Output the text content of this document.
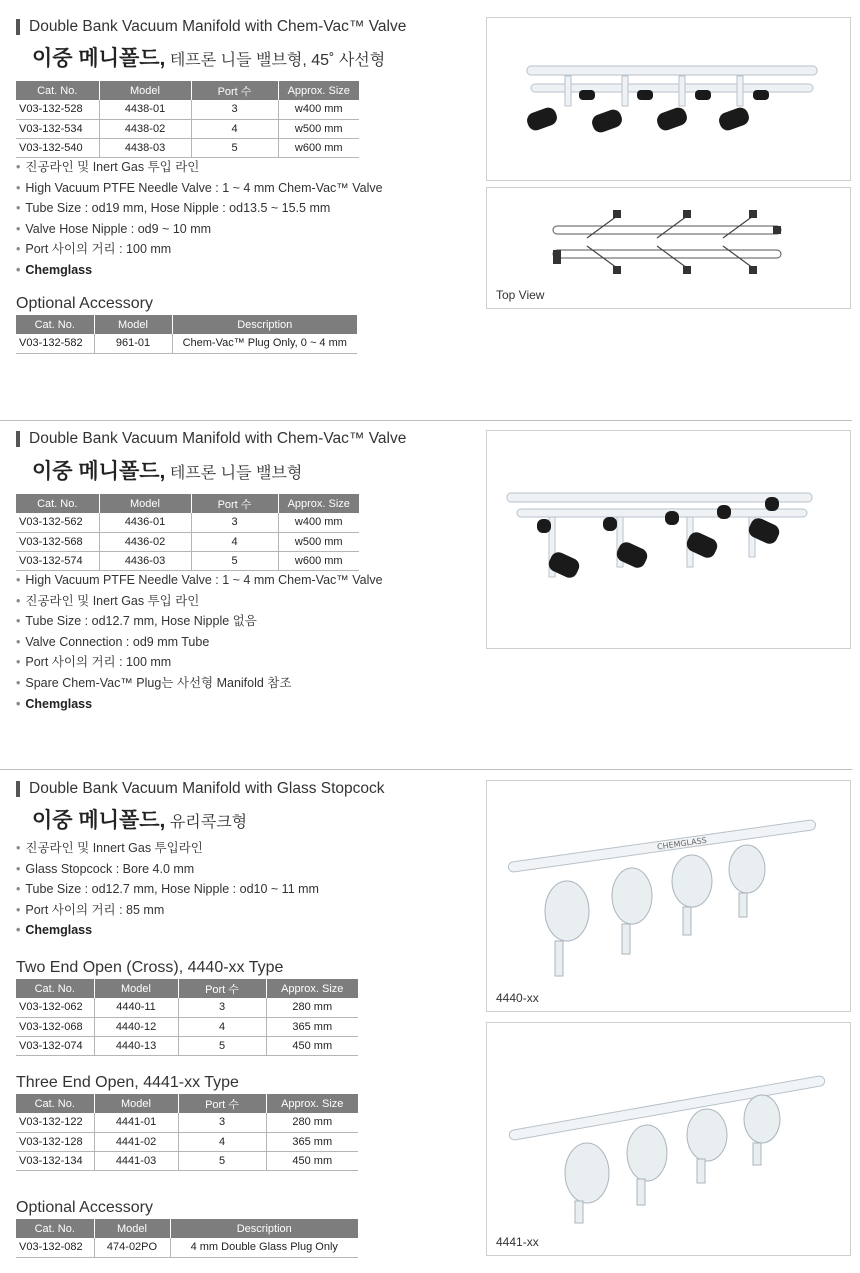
Double Bank Vacuum Manifold with Chem-Vac™ Valve
이중 메니폴드, 테프론 니들 밸브형, 45˚ 사선형
Cat. No.	Model	Port 수	Approx. Size
V03-132-528	4438-01	3	w400 mm
V03-132-534	4438-02	4	w500 mm
V03-132-540	4438-03	5	w600 mm
• 진공라인 및 Inert Gas 투입 라인
• High Vacuum PTFE Needle Valve : 1 ~ 4 mm Chem-Vac™ Valve
• Tube Size : od19 mm, Hose Nipple : od13.5 ~ 15.5 mm
• Valve Hose Nipple : od9 ~ 10 mm
• Port 사이의 거리 : 100 mm
• Chemglass
Optional Accessory
Cat. No.	Model	Description
V03-132-582	961-01	Chem-Vac™ Plug Only, 0 ~ 4 mm
Top View
Double Bank Vacuum Manifold with Chem-Vac™ Valve
이중 메니폴드, 테프론 니들 밸브형
Cat. No.	Model	Port 수	Approx. Size
V03-132-562	4436-01	3	w400 mm
V03-132-568	4436-02	4	w500 mm
V03-132-574	4436-03	5	w600 mm
• High Vacuum PTFE Needle Valve : 1 ~ 4 mm Chem-Vac™ Valve
• 진공라인 및 Inert Gas 투입 라인
• Tube Size : od12.7 mm, Hose Nipple 없음
• Valve Connection : od9 mm Tube
• Port 사이의 거리 : 100 mm
• Spare Chem-Vac™ Plug는 사선형 Manifold 참조
• Chemglass
Double Bank Vacuum Manifold with Glass Stopcock
이중 메니폴드, 유리콕크형
• 진공라인 및 Innert Gas 투입라인
• Glass Stopcock : Bore 4.0 mm
• Tube Size : od12.7 mm, Hose Nipple : od10 ~ 11 mm
• Port 사이의 거리 : 85 mm
• Chemglass
Two End Open (Cross), 4440-xx Type
Cat. No.	Model	Port 수	Approx. Size
V03-132-062	4440-11	3	280 mm
V03-132-068	4440-12	4	365 mm
V03-132-074	4440-13	5	450 mm
Three End Open, 4441-xx Type
Cat. No.	Model	Port 수	Approx. Size
V03-132-122	4441-01	3	280 mm
V03-132-128	4441-02	4	365 mm
V03-132-134	4441-03	5	450 mm
Optional Accessory
Cat. No.	Model	Description
V03-132-082	474-02PO	4 mm Double Glass Plug Only
CHEMGLASS
4440-xx
4441-xx
